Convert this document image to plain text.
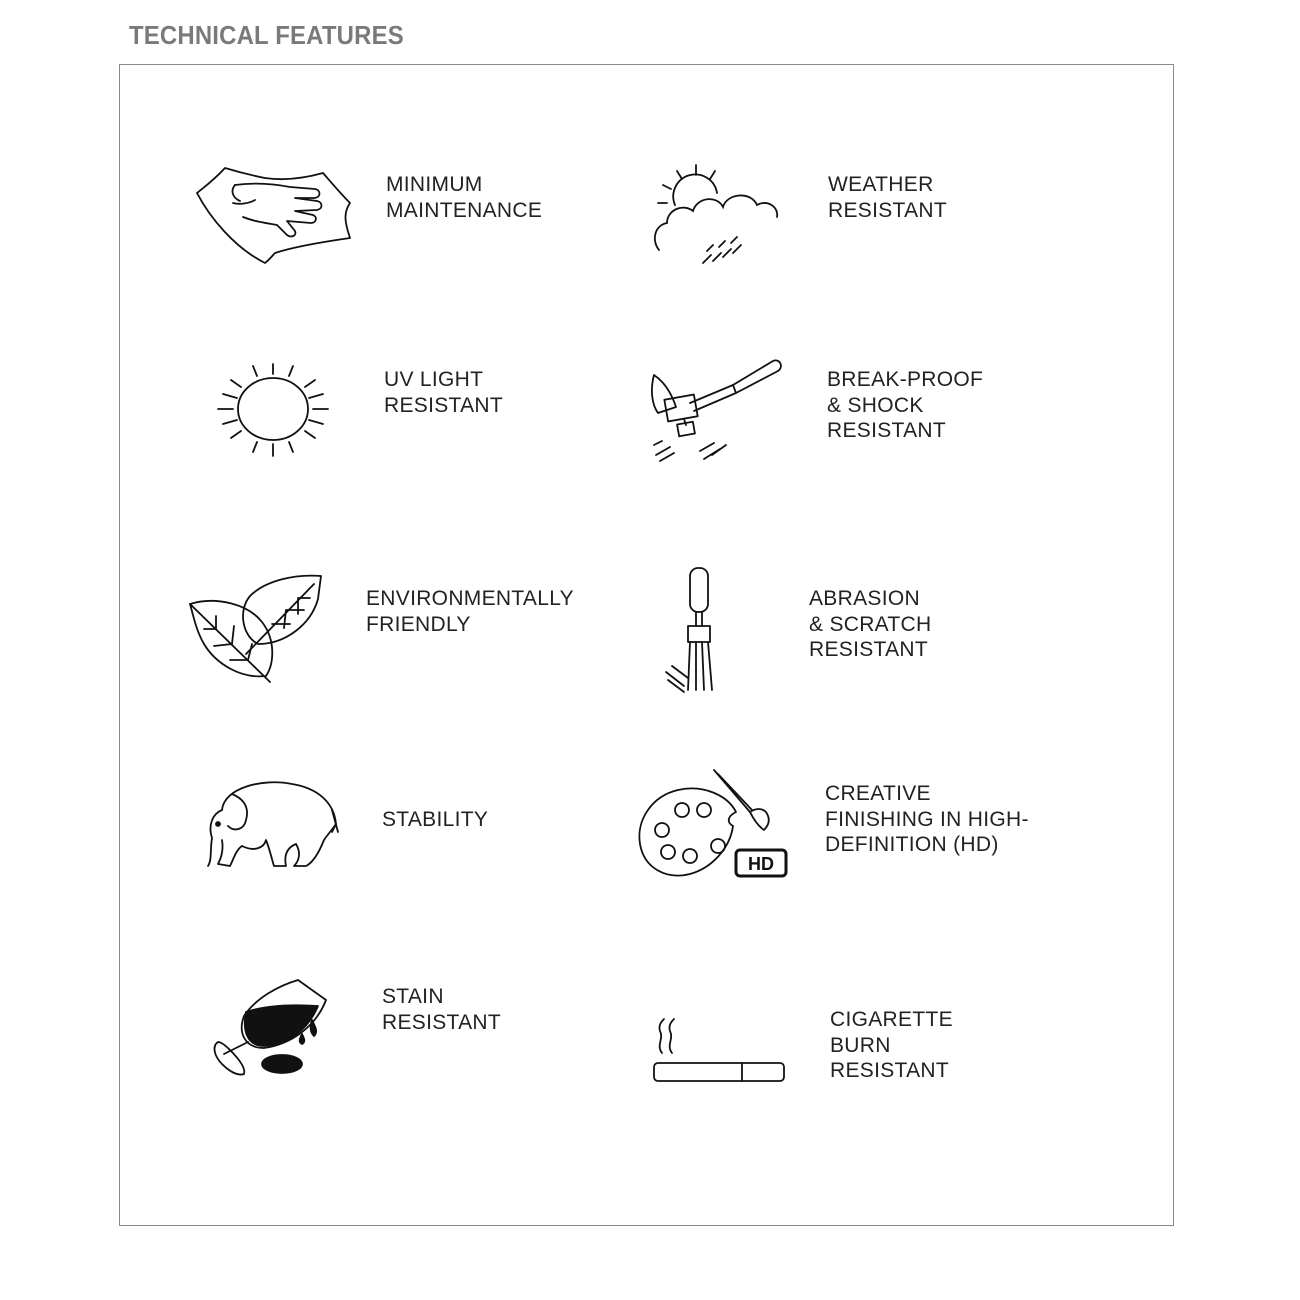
TECHNICAL FEATURES
MINIMUM
MAINTENANCE
WEATHER
RESISTANT
UV LIGHT
RESISTANT
BREAK-PROOF
& SHOCK
RESISTANT
ENVIRONMENTALLY
FRIENDLY
ABRASION
& SCRATCH
RESISTANT
STABILITY
HD
CREATIVE
FINISHING IN HIGH-
DEFINITION (HD)
STAIN
RESISTANT	CIGARETTE
BURN
RESISTANT
